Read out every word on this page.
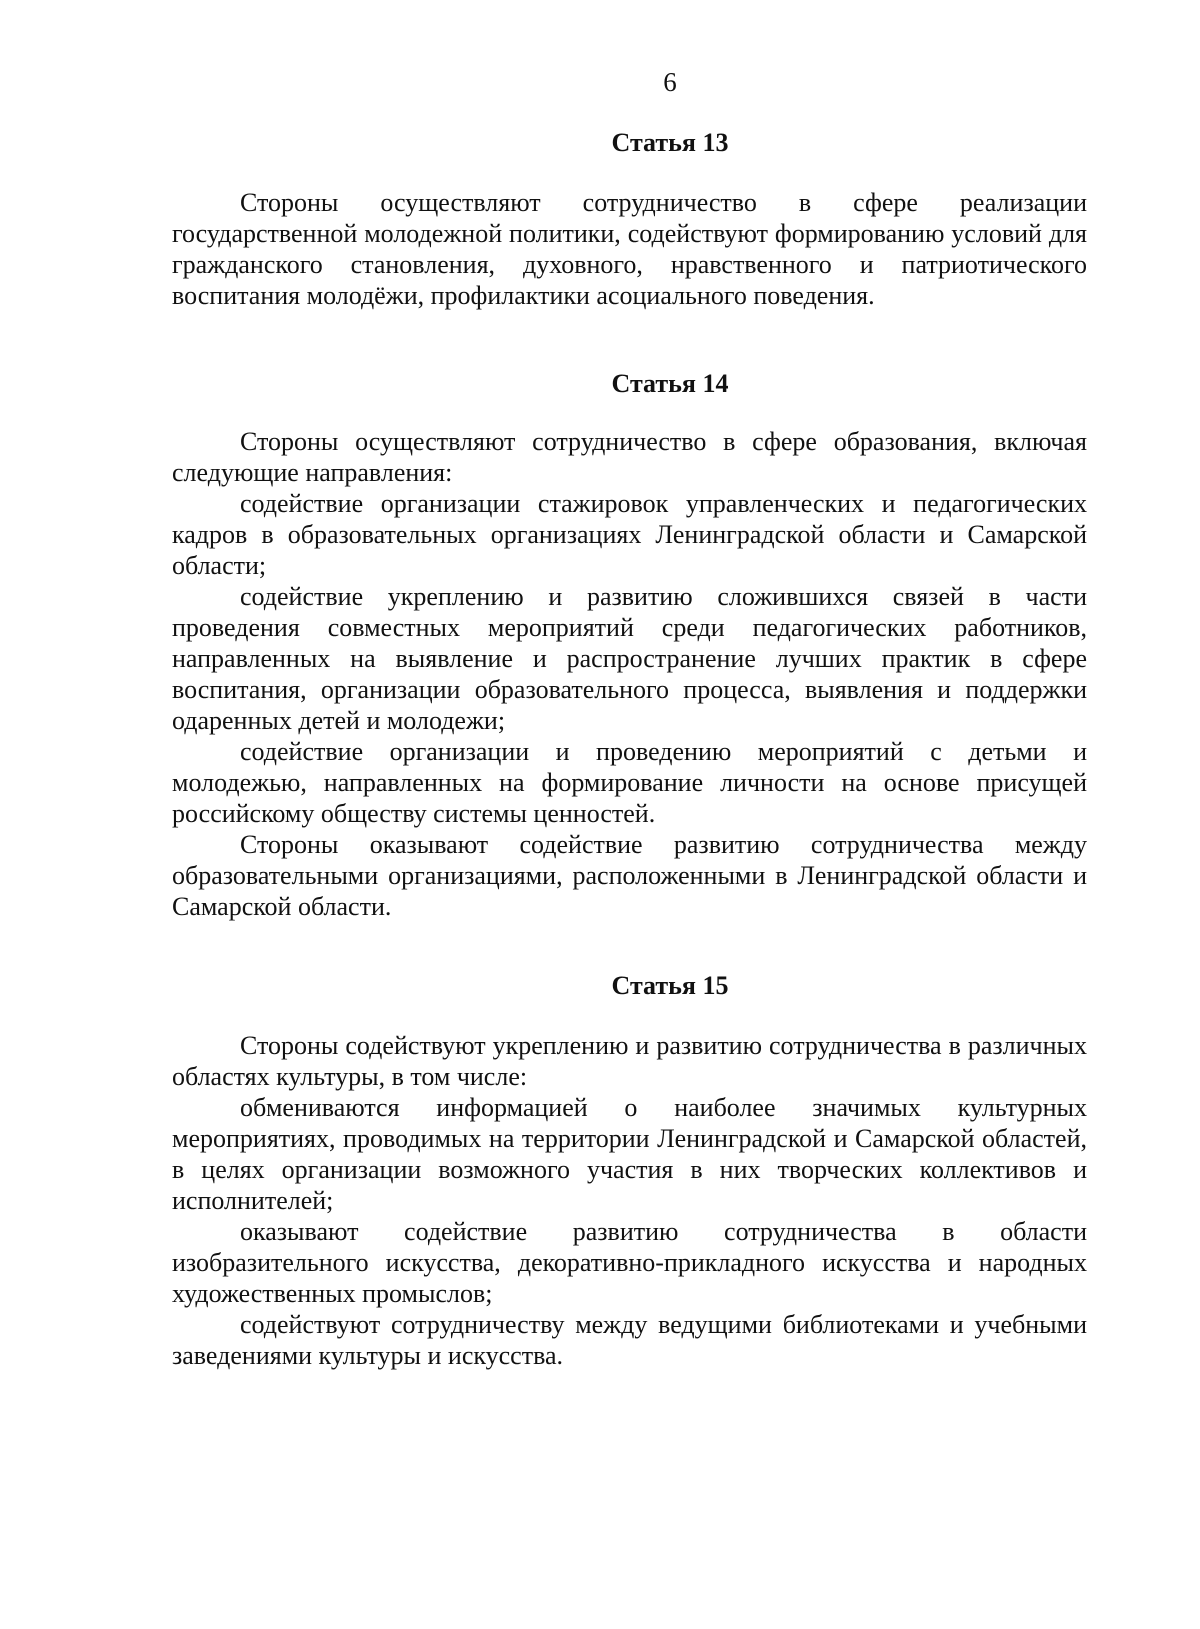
6
Статья 13

Стороны осуществляют сотрудничество в сфере реализации государственной молодежной политики, содействуют формированию условий для гражданского становления, духовного, нравственного и патриотического воспитания молодёжи, профилактики асоциального поведения.

Статья 14

Стороны осуществляют сотрудничество в сфере образования, включая следующие направления:

содействие организации стажировок управленческих и педагогических кадров в образовательных организациях Ленинградской области и Самарской области;

содействие укреплению и развитию сложившихся связей в части проведения совместных мероприятий среди педагогических работников, направленных на выявление и распространение лучших практик в сфере воспитания, организации образовательного процесса, выявления и поддержки одаренных детей и молодежи;

содействие организации и проведению мероприятий с детьми и молодежью, направленных на формирование личности на основе присущей российскому обществу системы ценностей.

Стороны оказывают содействие развитию сотрудничества между образовательными организациями, расположенными в Ленинградской области и Самарской области.

Статья 15

Стороны содействуют укреплению и развитию сотрудничества в различных областях культуры, в том числе:

обмениваются информацией о наиболее значимых культурных мероприятиях, проводимых на территории Ленинградской и Самарской областей, в целях организации возможного участия в них творческих коллективов и исполнителей;

оказывают содействие развитию сотрудничества в области изобразительного искусства, декоративно-прикладного искусства и народных художественных промыслов;

содействуют сотрудничеству между ведущими библиотеками и учебными заведениями культуры и искусства.
